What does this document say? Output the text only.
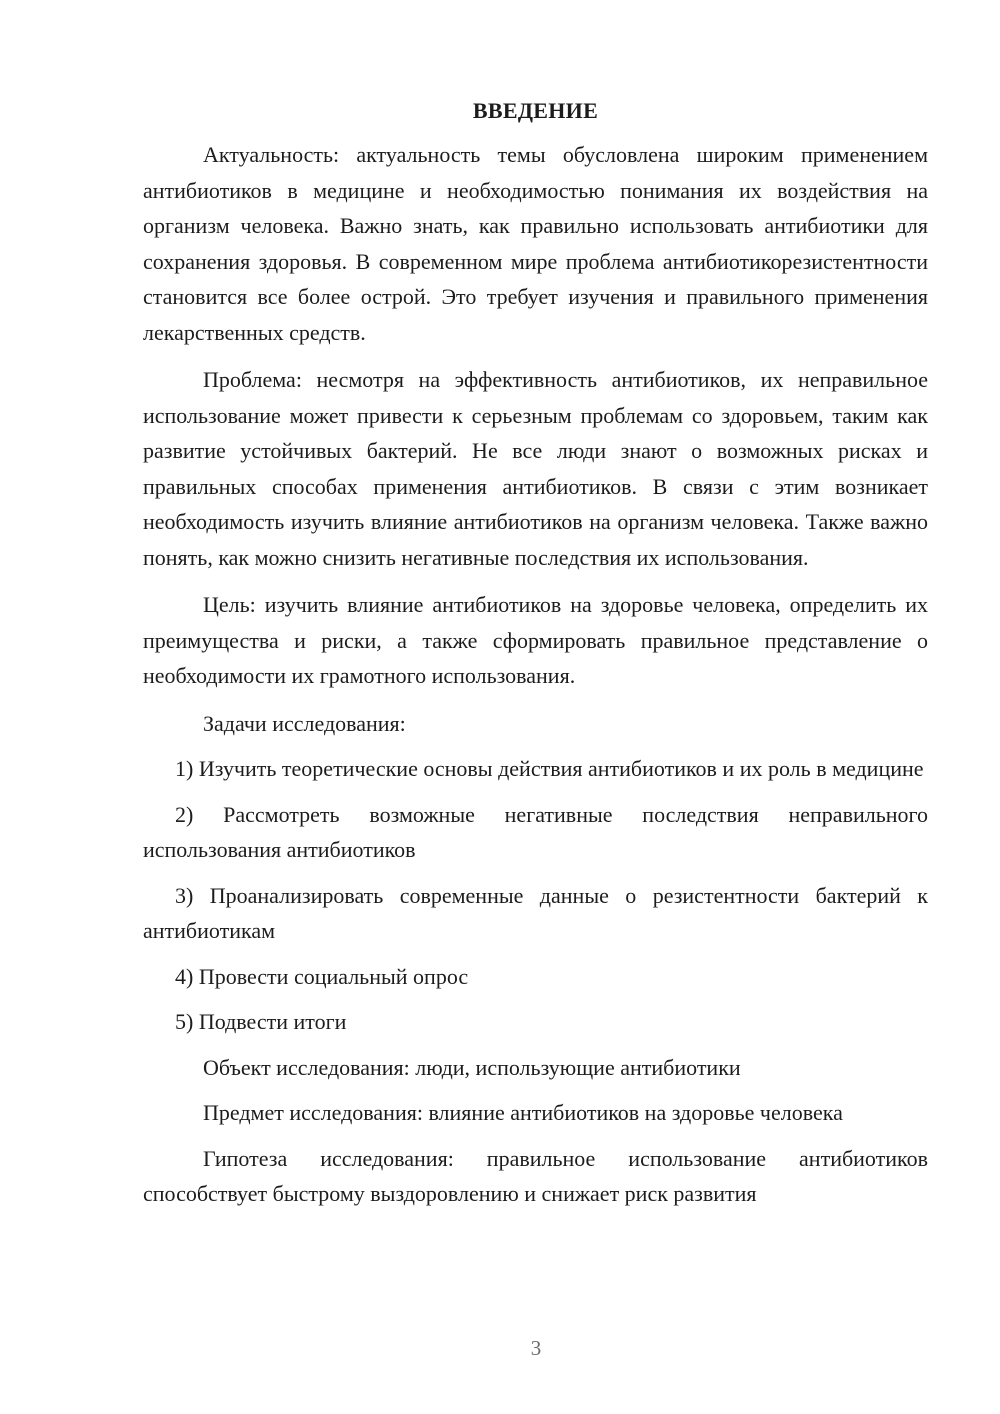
ВВЕДЕНИЕ

Актуальность: актуальность темы обусловлена широким применением антибиотиков в медицине и необходимостью понимания их воздействия на организм человека. Важно знать, как правильно использовать антибиотики для сохранения здоровья. В современном мире проблема антибиотикорезистентности становится все более острой. Это требует изучения и правильного применения лекарственных средств.

Проблема: несмотря на эффективность антибиотиков, их неправильное использование может привести к серьезным проблемам со здоровьем, таким как развитие устойчивых бактерий. Не все люди знают о возможных рисках и правильных способах применения антибиотиков. В связи с этим возникает необходимость изучить влияние антибиотиков на организм человека. Также важно понять, как можно снизить негативные последствия их использования.

Цель: изучить влияние антибиотиков на здоровье человека, определить их преимущества и риски, а также сформировать правильное представление о необходимости их грамотного использования.

Задачи исследования:

1) Изучить теоретические основы действия антибиотиков и их роль в медицине

2) Рассмотреть возможные негативные последствия неправильного использования антибиотиков

3) Проанализировать современные данные о резистентности бактерий к антибиотикам

4) Провести социальный опрос

5) Подвести итоги

Объект исследования: люди, использующие антибиотики

Предмет исследования: влияние антибиотиков на здоровье человека

Гипотеза исследования: правильное использование антибиотиков способствует быстрому выздоровлению и снижает риск развития

3
